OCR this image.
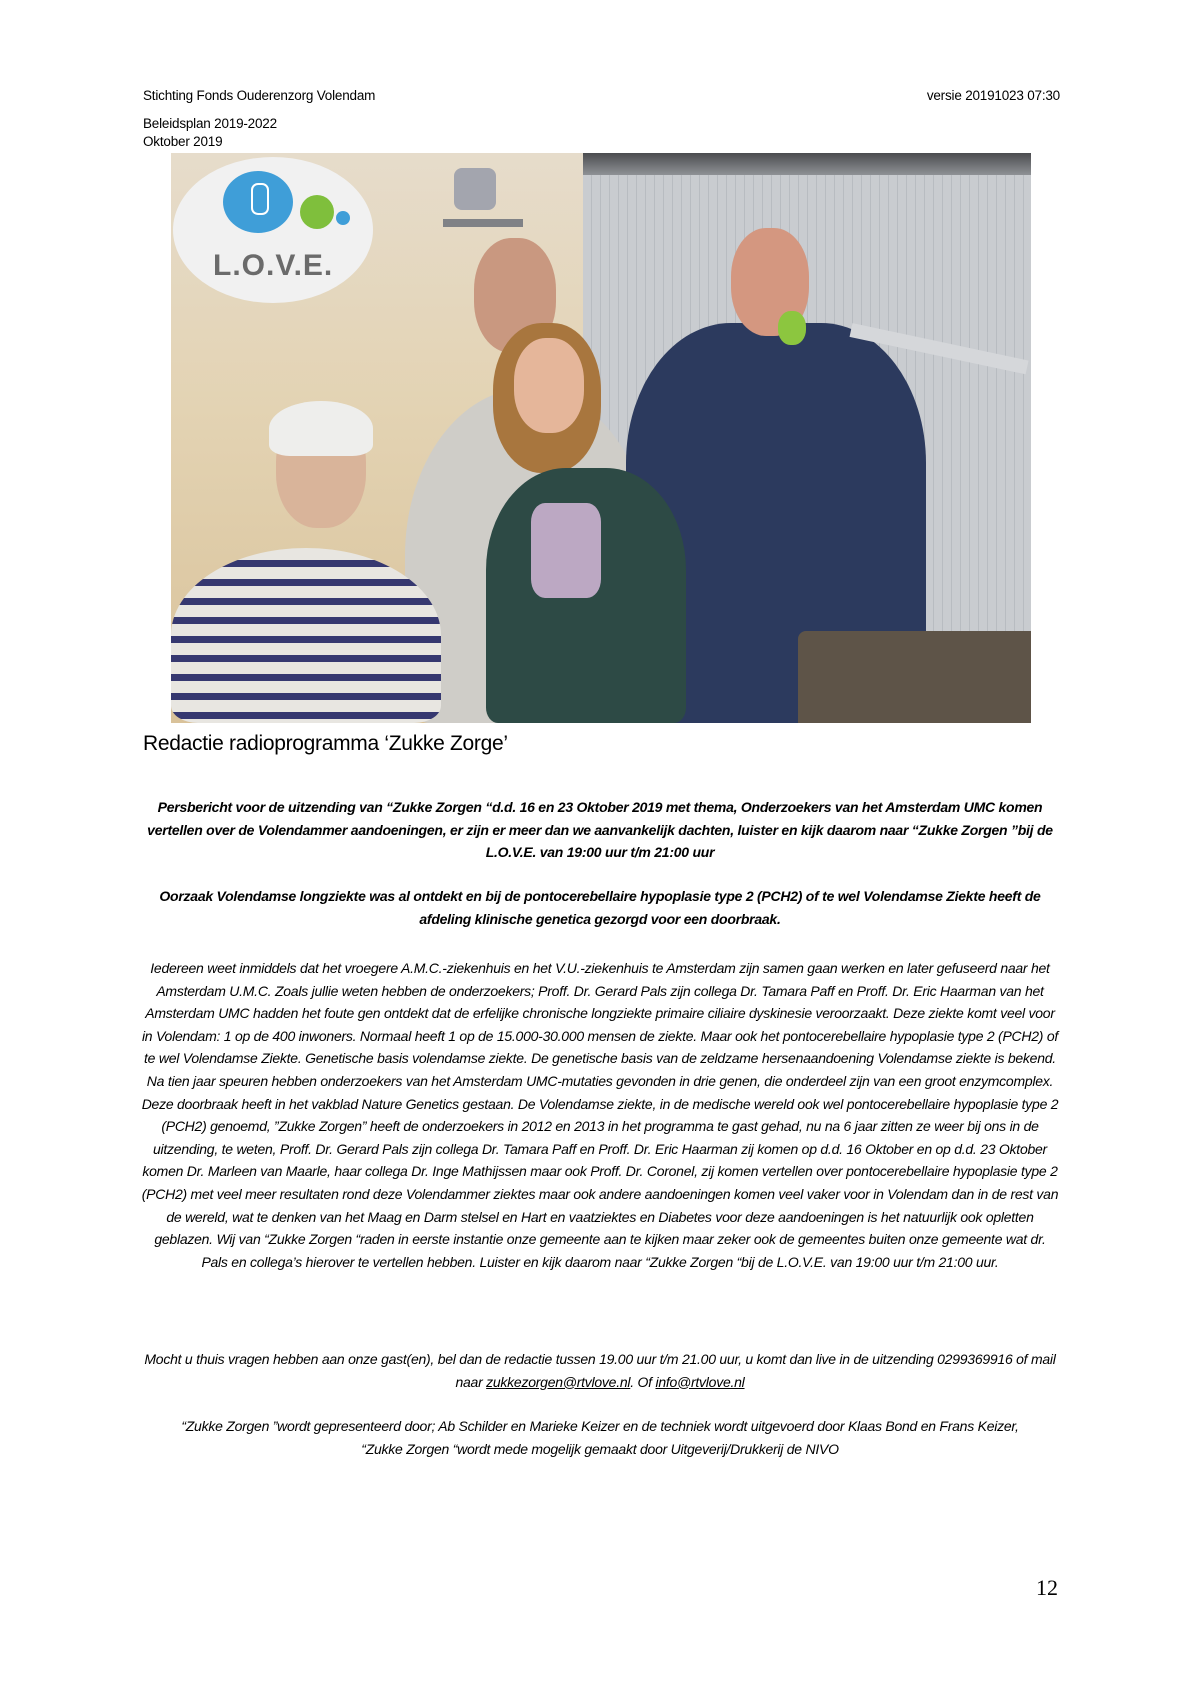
Stichting Fonds Ouderenzorg Volendam	versie 20191023 07:30
Beleidsplan 2019-2022
Oktober 2019
L.O.V.E.
Redactie radioprogramma ‘Zukke Zorge’
Persbericht voor de uitzending van “Zukke Zorgen “d.d. 16 en 23 Oktober 2019 met thema, Onderzoekers van het Amsterdam UMC komen vertellen over de Volendammer aandoeningen, er zijn er meer dan we aanvankelijk dachten, luister en kijk daarom naar “Zukke Zorgen ”bij de L.O.V.E. van 19:00 uur t/m 21:00 uur
Oorzaak Volendamse longziekte was al ontdekt en bij de pontocerebellaire hypoplasie type 2 (PCH2) of te wel Volendamse Ziekte heeft de afdeling klinische genetica gezorgd voor een doorbraak.
Iedereen weet inmiddels dat het vroegere A.M.C.-ziekenhuis en het V.U.-ziekenhuis te Amsterdam zijn samen gaan werken en later gefuseerd naar het Amsterdam U.M.C. Zoals jullie weten hebben de onderzoekers; Proff. Dr. Gerard Pals zijn collega Dr. Tamara Paff en Proff. Dr. Eric Haarman van het Amsterdam UMC hadden het foute gen ontdekt dat de erfelijke chronische longziekte primaire ciliaire dyskinesie veroorzaakt. Deze ziekte komt veel voor in Volendam: 1 op de 400 inwoners. Normaal heeft 1 op de 15.000-30.000 mensen de ziekte. Maar ook het pontocerebellaire hypoplasie type 2 (PCH2) of te wel Volendamse Ziekte. Genetische basis volendamse ziekte. De genetische basis van de zeldzame hersenaandoening Volendamse ziekte is bekend. Na tien jaar speuren hebben onderzoekers van het Amsterdam UMC-mutaties gevonden in drie genen, die onderdeel zijn van een groot enzymcomplex. Deze doorbraak heeft in het vakblad Nature Genetics gestaan. De Volendamse ziekte, in de medische wereld ook wel pontocerebellaire hypoplasie type 2 (PCH2) genoemd, ”Zukke Zorgen” heeft de onderzoekers in 2012 en 2013 in het programma te gast gehad, nu na 6 jaar zitten ze weer bij ons in de uitzending, te weten, Proff. Dr. Gerard Pals zijn collega Dr. Tamara Paff en Proff. Dr. Eric Haarman zij komen op d.d. 16 Oktober en op d.d. 23 Oktober komen Dr. Marleen van Maarle, haar collega Dr. Inge Mathijssen maar ook Proff. Dr. Coronel, zij komen vertellen over pontocerebellaire hypoplasie type 2 (PCH2) met veel meer resultaten rond deze Volendammer ziektes maar ook andere aandoeningen komen veel vaker voor in Volendam dan in de rest van de wereld, wat te denken van het Maag en Darm stelsel en Hart en vaatziektes en Diabetes voor deze aandoeningen is het natuurlijk ook opletten geblazen. Wij van “Zukke Zorgen “raden in eerste instantie onze gemeente aan te kijken maar zeker ook de gemeentes buiten onze gemeente wat dr. Pals en collega’s hierover te vertellen hebben. Luister en kijk daarom naar “Zukke Zorgen “bij de L.O.V.E. van 19:00 uur t/m 21:00 uur.
Mocht u thuis vragen hebben aan onze gast(en), bel dan de redactie tussen 19.00 uur t/m 21.00 uur, u komt dan live in de uitzending 0299369916 of mail naar zukkezorgen@rtvlove.nl. Of info@rtvlove.nl
“Zukke Zorgen ”wordt gepresenteerd door; Ab Schilder en Marieke Keizer en de techniek wordt uitgevoerd door Klaas Bond en Frans Keizer,
“Zukke Zorgen “wordt mede mogelijk gemaakt door Uitgeverij/Drukkerij de NIVO
12
